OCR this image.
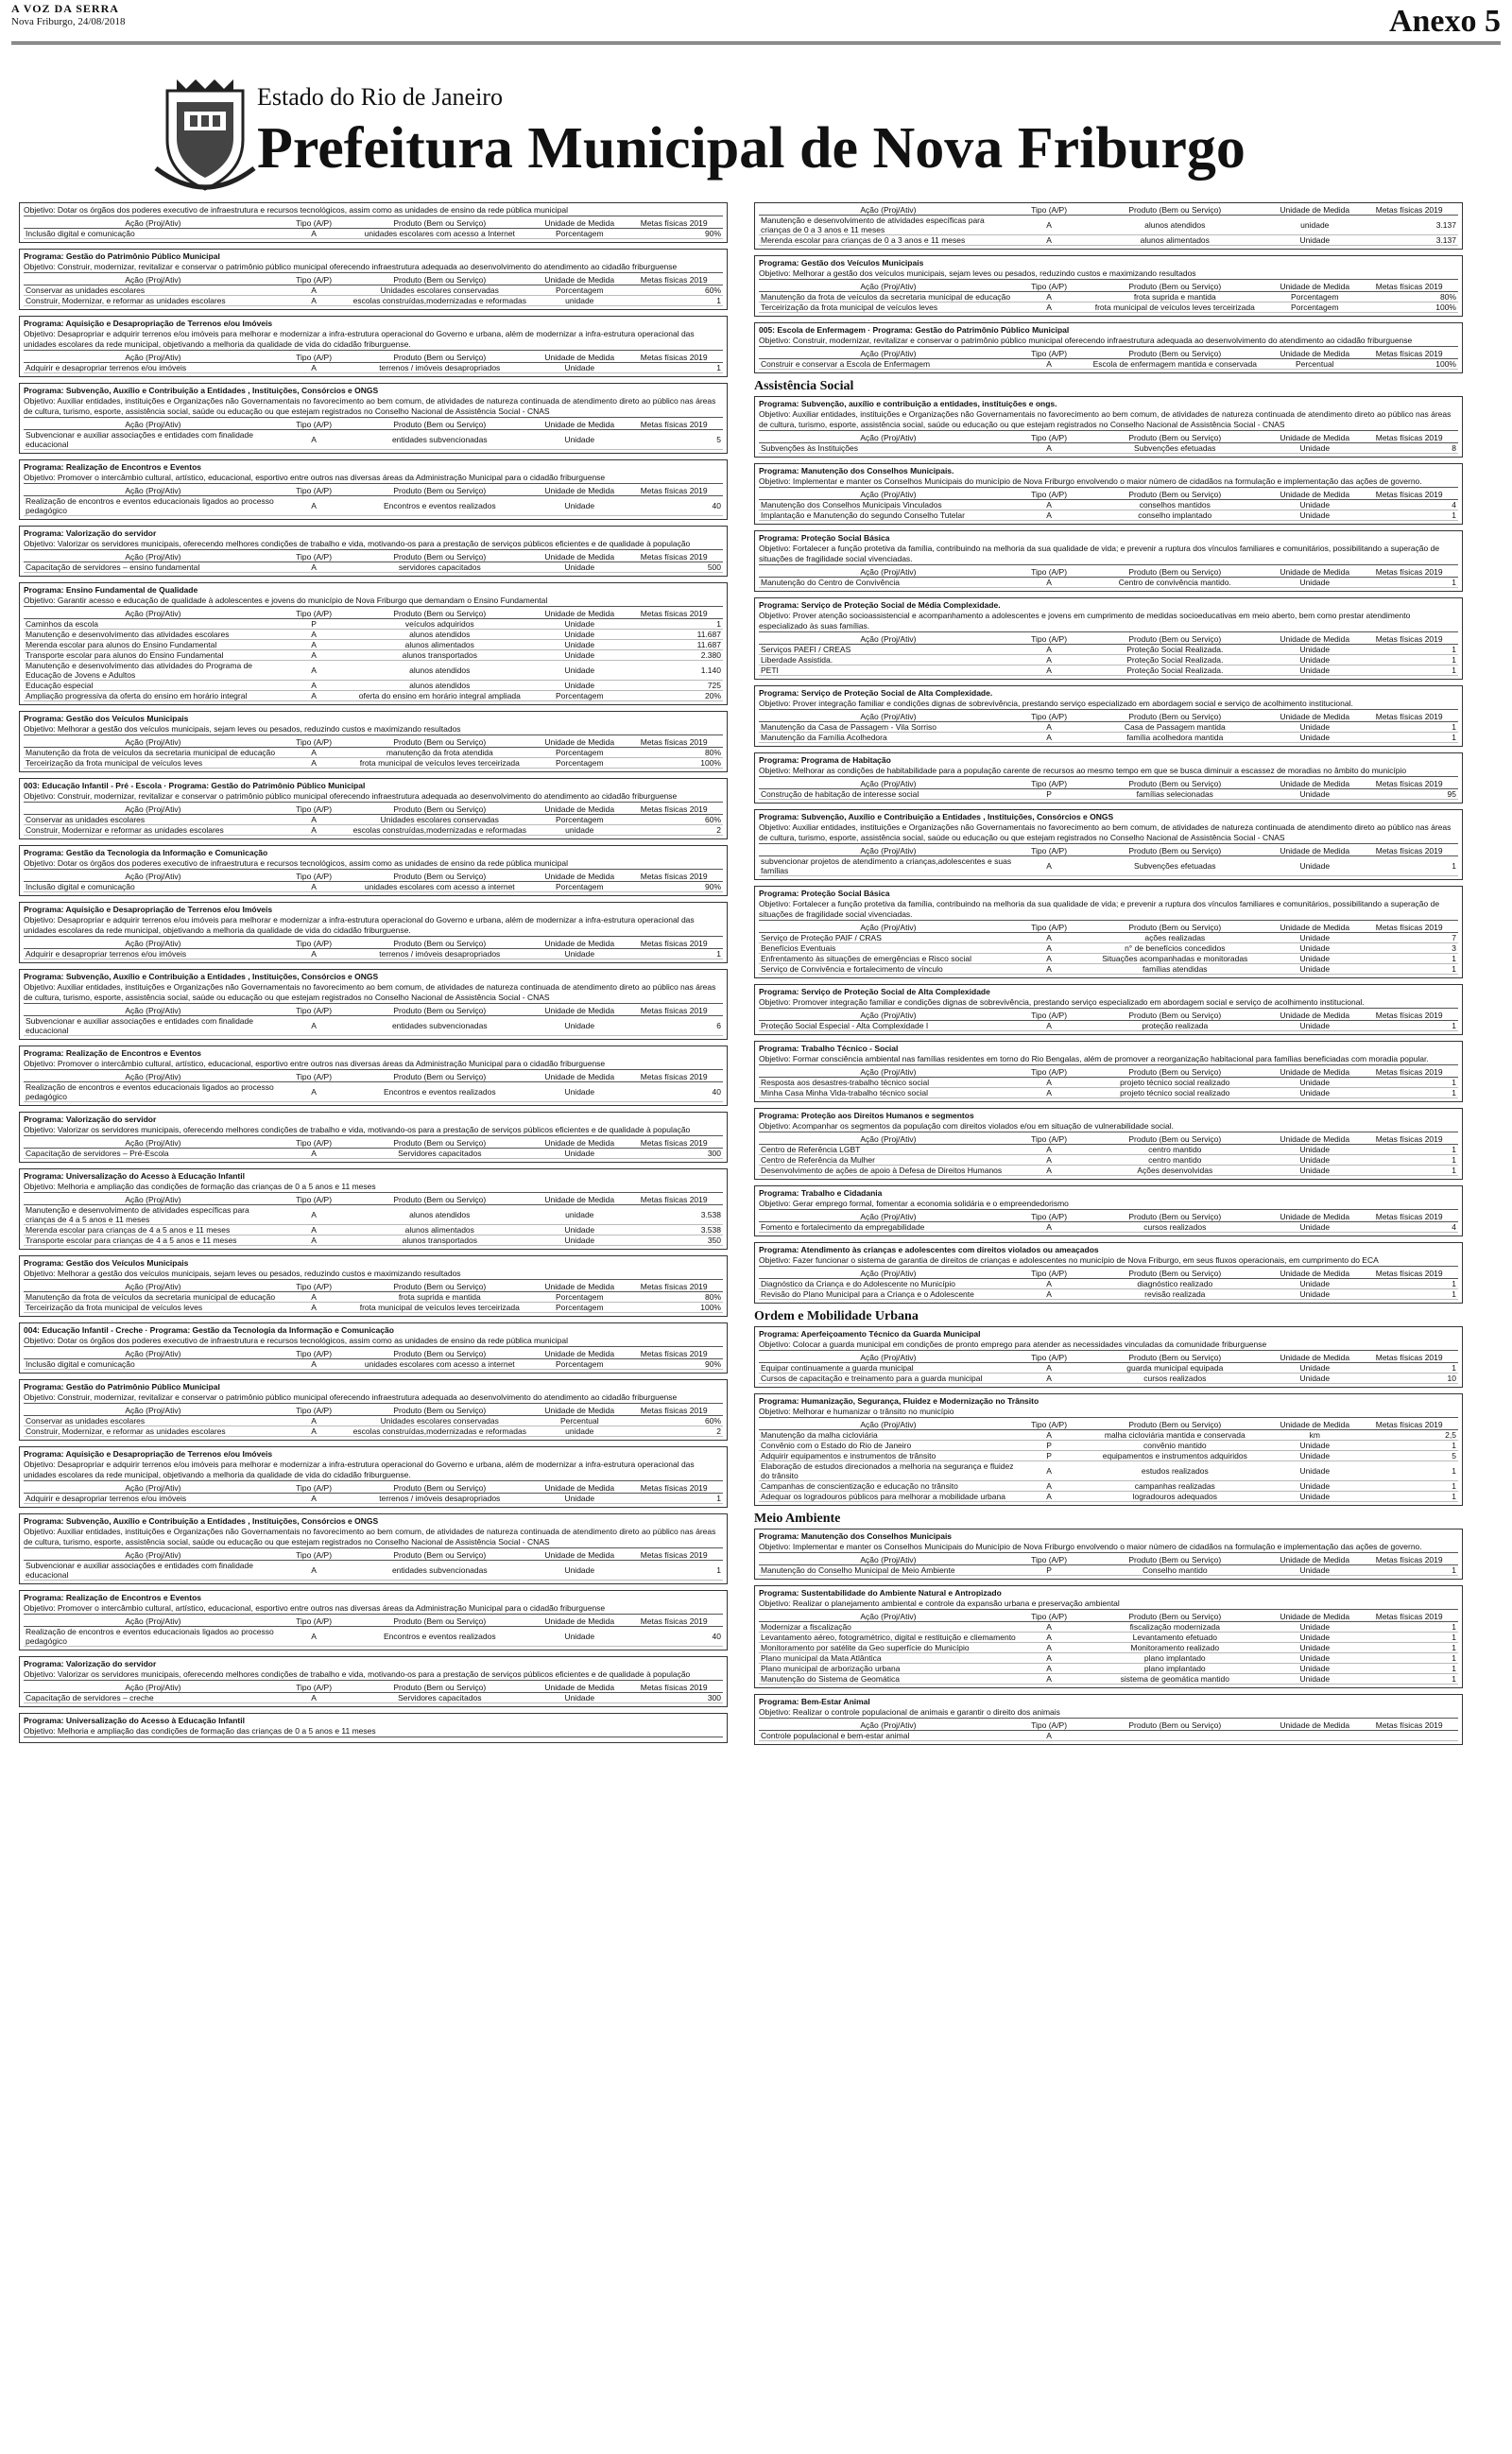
A VOZ DA SERRA
Nova Friburgo, 24/08/2018	Anexo 5
Estado do Rio de Janeiro
Prefeitura Municipal de Nova Friburgo
Objetivo: Dotar os órgãos dos poderes executivo de infraestrutura e recursos tecnológicos, assim como as unidades de ensino da rede pública municipal
Ação (Proj/Ativ)	Tipo (A/P)	Produto (Bem ou Serviço)	Unidade de Medida	Metas físicas 2019
Inclusão digital e comunicação	A	unidades escolares com acesso a Internet	Porcentagem	90%
Programa: Gestão do Patrimônio Público Municipal
Objetivo: Construir, modernizar, revitalizar e conservar o patrimônio público municipal oferecendo infraestrutura adequada ao desenvolvimento do atendimento ao cidadão friburguense
Ação (Proj/Ativ)	Tipo (A/P)	Produto (Bem ou Serviço)	Unidade de Medida	Metas físicas 2019
Conservar as unidades escolares	A	Unidades escolares conservadas	Porcentagem	60%
Construir, Modernizar, e reformar as unidades escolares	A	escolas construídas,modernizadas e reformadas	unidade	1
Programa: Aquisição e Desapropriação de Terrenos e/ou Imóveis
Objetivo: Desapropriar e adquirir terrenos e/ou imóveis para melhorar e modernizar a infra-estrutura operacional do Governo e urbana, além de modernizar a infra-estrutura operacional das unidades escolares da rede municipal, objetivando a melhoria da qualidade de vida do cidadão friburguense.
Ação (Proj/Ativ)	Tipo (A/P)	Produto (Bem ou Serviço)	Unidade de Medida	Metas físicas 2019
Adquirir e desapropriar terrenos e/ou imóveis	A	terrenos / imóveis desapropriados	Unidade	1
Programa: Subvenção, Auxílio e Contribuição a Entidades , Instituições, Consórcios e ONGS
Objetivo: Auxiliar entidades, instituições e Organizações não Governamentais no favorecimento ao bem comum, de atividades de natureza continuada de atendimento direto ao público nas áreas de cultura, turismo, esporte, assistência social, saúde ou educação ou que estejam registrados no Conselho Nacional de Assistência Social - CNAS
Ação (Proj/Ativ)	Tipo (A/P)	Produto (Bem ou Serviço)	Unidade de Medida	Metas físicas 2019
Subvencionar e auxiliar associações e entidades com finalidade educacional	A	entidades subvencionadas	Unidade	5
Programa: Realização de Encontros e Eventos
Objetivo: Promover o intercâmbio cultural, artístico, educacional, esportivo entre outros nas diversas áreas da Administração Municipal para o cidadão friburguense
Ação (Proj/Ativ)	Tipo (A/P)	Produto (Bem ou Serviço)	Unidade de Medida	Metas físicas 2019
Realização de encontros e eventos educacionais ligados ao processo pedagógico	A	Encontros e eventos realizados	Unidade	40
Programa: Valorização do servidor
Objetivo: Valorizar os servidores municipais, oferecendo melhores condições de trabalho e vida, motivando-os para a prestação de serviços públicos eficientes e de qualidade à população
Ação (Proj/Ativ)	Tipo (A/P)	Produto (Bem ou Serviço)	Unidade de Medida	Metas físicas 2019
Capacitação de servidores – ensino fundamental	A	servidores capacitados	Unidade	500
Programa: Ensino Fundamental de Qualidade
Objetivo: Garantir acesso e educação de qualidade à adolescentes e jovens do município de Nova Friburgo que demandam o Ensino Fundamental
Ação (Proj/Ativ)	Tipo (A/P)	Produto (Bem ou Serviço)	Unidade de Medida	Metas físicas 2019
Caminhos da escola	P	veículos adquiridos	Unidade	1
Manutenção e desenvolvimento das atividades escolares	A	alunos atendidos	Unidade	11.687
Merenda escolar para alunos do Ensino Fundamental	A	alunos alimentados	Unidade	11.687
Transporte escolar para alunos do Ensino Fundamental	A	alunos transportados	Unidade	2.380
Manutenção e desenvolvimento das atividades do Programa de Educação de Jovens e Adultos	A	alunos atendidos	Unidade	1.140
Educação especial	A	alunos atendidos	Unidade	725
Ampliação progressiva da oferta do ensino em horário integral	A	oferta do ensino em horário integral ampliada	Porcentagem	20%
Programa: Gestão dos Veículos Municipais
Objetivo: Melhorar a gestão dos veículos municipais, sejam leves ou pesados, reduzindo custos e maximizando resultados
Ação (Proj/Ativ)	Tipo (A/P)	Produto (Bem ou Serviço)	Unidade de Medida	Metas físicas 2019
Manutenção da frota de veículos da secretaria municipal de educação	A	manutenção da frota atendida	Porcentagem	80%
Terceirização da frota municipal de veículos leves	A	frota municipal de veículos leves terceirizada	Porcentagem	100%
003: Educação Infantil - Pré - Escola · Programa: Gestão do Patrimônio Público Municipal
Objetivo: Construir, modernizar, revitalizar e conservar o patrimônio público municipal oferecendo infraestrutura adequada ao desenvolvimento do atendimento ao cidadão friburguense
Ação (Proj/Ativ)	Tipo (A/P)	Produto (Bem ou Serviço)	Unidade de Medida	Metas físicas 2019
Conservar as unidades escolares	A	Unidades escolares conservadas	Porcentagem	60%
Construir, Modernizar e reformar as unidades escolares	A	escolas construídas,modernizadas e reformadas	unidade	2
Programa: Gestão da Tecnologia da Informação e Comunicação
Objetivo: Dotar os órgãos dos poderes executivo de infraestrutura e recursos tecnológicos, assim como as unidades de ensino da rede pública municipal
Ação (Proj/Ativ)	Tipo (A/P)	Produto (Bem ou Serviço)	Unidade de Medida	Metas físicas 2019
Inclusão digital e comunicação	A	unidades escolares com acesso a internet	Porcentagem	90%
Programa: Aquisição e Desapropriação de Terrenos e/ou Imóveis
Objetivo: Desapropriar e adquirir terrenos e/ou imóveis para melhorar e modernizar a infra-estrutura operacional do Governo e urbana, além de modernizar a infra-estrutura operacional das unidades escolares da rede municipal, objetivando a melhoria da qualidade de vida do cidadão friburguense.
Ação (Proj/Ativ)	Tipo (A/P)	Produto (Bem ou Serviço)	Unidade de Medida	Metas físicas 2019
Adquirir e desapropriar terrenos e/ou imóveis	A	terrenos / imóveis desapropriados	Unidade	1
Programa: Subvenção, Auxílio e Contribuição a Entidades , Instituições, Consórcios e ONGS
Objetivo: Auxiliar entidades, instituições e Organizações não Governamentais no favorecimento ao bem comum, de atividades de natureza continuada de atendimento direto ao público nas áreas de cultura, turismo, esporte, assistência social, saúde ou educação ou que estejam registrados no Conselho Nacional de Assistência Social - CNAS
Ação (Proj/Ativ)	Tipo (A/P)	Produto (Bem ou Serviço)	Unidade de Medida	Metas físicas 2019
Subvencionar e auxiliar associações e entidades com finalidade educacional	A	entidades subvencionadas	Unidade	6
Programa: Realização de Encontros e Eventos
Objetivo: Promover o intercâmbio cultural, artístico, educacional, esportivo entre outros nas diversas áreas da Administração Municipal para o cidadão friburguense
Ação (Proj/Ativ)	Tipo (A/P)	Produto (Bem ou Serviço)	Unidade de Medida	Metas físicas 2019
Realização de encontros e eventos educacionais ligados ao processo pedagógico	A	Encontros e eventos realizados	Unidade	40
Programa: Valorização do servidor
Objetivo: Valorizar os servidores municipais, oferecendo melhores condições de trabalho e vida, motivando-os para a prestação de serviços públicos eficientes e de qualidade à população
Ação (Proj/Ativ)	Tipo (A/P)	Produto (Bem ou Serviço)	Unidade de Medida	Metas físicas 2019
Capacitação de servidores – Pré-Escola	A	Servidores capacitados	Unidade	300
Programa: Universalização do Acesso à Educação Infantil
Objetivo: Melhoria e ampliação das condições de formação das crianças de 0 a 5 anos e 11 meses
Ação (Proj/Ativ)	Tipo (A/P)	Produto (Bem ou Serviço)	Unidade de Medida	Metas físicas 2019
Manutenção e desenvolvimento de atividades específicas para crianças de 4 a 5 anos e 11 meses	A	alunos atendidos	unidade	3.538
Merenda escolar para crianças de 4 a 5 anos e 11 meses	A	alunos alimentados	Unidade	3.538
Transporte escolar para crianças de 4 a 5 anos e 11 meses	A	alunos transportados	Unidade	350
Programa: Gestão dos Veículos Municipais
Objetivo: Melhorar a gestão dos veículos municipais, sejam leves ou pesados, reduzindo custos e maximizando resultados
Ação (Proj/Ativ)	Tipo (A/P)	Produto (Bem ou Serviço)	Unidade de Medida	Metas físicas 2019
Manutenção da frota de veículos da secretaria municipal de educação	A	frota suprida e mantida	Porcentagem	80%
Terceirização da frota municipal de veículos leves	A	frota municipal de veículos leves terceirizada	Porcentagem	100%
004: Educação Infantil - Creche · Programa: Gestão da Tecnologia da Informação e Comunicação
Objetivo: Dotar os órgãos dos poderes executivo de infraestrutura e recursos tecnológicos, assim como as unidades de ensino da rede pública municipal
Ação (Proj/Ativ)	Tipo (A/P)	Produto (Bem ou Serviço)	Unidade de Medida	Metas físicas 2019
Inclusão digital e comunicação	A	unidades escolares com acesso a internet	Porcentagem	90%
Programa: Gestão do Patrimônio Público Municipal
Objetivo: Construir, modernizar, revitalizar e conservar o patrimônio público municipal oferecendo infraestrutura adequada ao desenvolvimento do atendimento ao cidadão friburguense
Ação (Proj/Ativ)	Tipo (A/P)	Produto (Bem ou Serviço)	Unidade de Medida	Metas físicas 2019
Conservar as unidades escolares	A	Unidades escolares conservadas	Percentual	60%
Construir, Modernizar, e reformar as unidades escolares	A	escolas construídas,modernizadas e reformadas	unidade	2
Programa: Aquisição e Desapropriação de Terrenos e/ou Imóveis
Objetivo: Desapropriar e adquirir terrenos e/ou imóveis para melhorar e modernizar a infra-estrutura operacional do Governo e urbana, além de modernizar a infra-estrutura operacional das unidades escolares da rede municipal, objetivando a melhoria da qualidade de vida do cidadão friburguense.
Ação (Proj/Ativ)	Tipo (A/P)	Produto (Bem ou Serviço)	Unidade de Medida	Metas físicas 2019
Adquirir e desapropriar terrenos e/ou imóveis	A	terrenos / imóveis desapropriados	Unidade	1
Programa: Subvenção, Auxílio e Contribuição a Entidades , Instituições, Consórcios e ONGS
Objetivo: Auxiliar entidades, instituições e Organizações não Governamentais no favorecimento ao bem comum, de atividades de natureza continuada de atendimento direto ao público nas áreas de cultura, turismo, esporte, assistência social, saúde ou educação ou que estejam registrados no Conselho Nacional de Assistência Social - CNAS
Ação (Proj/Ativ)	Tipo (A/P)	Produto (Bem ou Serviço)	Unidade de Medida	Metas físicas 2019
Subvencionar e auxiliar associações e entidades com finalidade educacional	A	entidades subvencionadas	Unidade	1
Programa: Realização de Encontros e Eventos
Objetivo: Promover o intercâmbio cultural, artístico, educacional, esportivo entre outros nas diversas áreas da Administração Municipal para o cidadão friburguense
Ação (Proj/Ativ)	Tipo (A/P)	Produto (Bem ou Serviço)	Unidade de Medida	Metas físicas 2019
Realização de encontros e eventos educacionais ligados ao processo pedagógico	A	Encontros e eventos realizados	Unidade	40
Programa: Valorização do servidor
Objetivo: Valorizar os servidores municipais, oferecendo melhores condições de trabalho e vida, motivando-os para a prestação de serviços públicos eficientes e de qualidade à população
Ação (Proj/Ativ)	Tipo (A/P)	Produto (Bem ou Serviço)	Unidade de Medida	Metas físicas 2019
Capacitação de servidores – creche	A	Servidores capacitados	Unidade	300
Programa: Universalização do Acesso à Educação Infantil
Objetivo: Melhoria e ampliação das condições de formação das crianças de 0 a 5 anos e 11 meses
Ação (Proj/Ativ)	Tipo (A/P)	Produto (Bem ou Serviço)	Unidade de Medida	Metas físicas 2019
Manutenção e desenvolvimento de atividades específicas para crianças de 0 a 3 anos e 11 meses	A	alunos atendidos	unidade	3.137
Merenda escolar para crianças de 0 a 3 anos e 11 meses	A	alunos alimentados	Unidade	3.137
Programa: Gestão dos Veículos Municipais
Objetivo: Melhorar a gestão dos veículos municipais, sejam leves ou pesados, reduzindo custos e maximizando resultados
Ação (Proj/Ativ)	Tipo (A/P)	Produto (Bem ou Serviço)	Unidade de Medida	Metas físicas 2019
Manutenção da frota de veículos da secretaria municipal de educação	A	frota suprida e mantida	Porcentagem	80%
Terceirização da frota municipal de veículos leves	A	frota municipal de veículos leves terceirizada	Porcentagem	100%
005: Escola de Enfermagem · Programa: Gestão do Patrimônio Público Municipal
Objetivo: Construir, modernizar, revitalizar e conservar o patrimônio público municipal oferecendo infraestrutura adequada ao desenvolvimento do atendimento ao cidadão friburguense
Ação (Proj/Ativ)	Tipo (A/P)	Produto (Bem ou Serviço)	Unidade de Medida	Metas físicas 2019
Construir e conservar a Escola de Enfermagem	A	Escola de enfermagem mantida e conservada	Percentual	100%
Assistência Social
Programa: Subvenção, auxílio e contribuição a entidades, instituições e ongs.
Objetivo: Auxiliar entidades, instituições e Organizações não Governamentais no favorecimento ao bem comum, de atividades de natureza continuada de atendimento direto ao público nas áreas de cultura, turismo, esporte, assistência social, saúde ou educação ou que estejam registrados no Conselho Nacional de Assistência Social - CNAS
Ação (Proj/Ativ)	Tipo (A/P)	Produto (Bem ou Serviço)	Unidade de Medida	Metas físicas 2019
Subvenções às Instituições	A	Subvenções efetuadas	Unidade	8
Programa: Manutenção dos Conselhos Municipais.
Objetivo: Implementar e manter os Conselhos Municipais do município de Nova Friburgo envolvendo o maior número de cidadãos na formulação e implementação das ações de governo.
Ação (Proj/Ativ)	Tipo (A/P)	Produto (Bem ou Serviço)	Unidade de Medida	Metas físicas 2019
Manutenção dos Conselhos Municipais Vinculados	A	conselhos mantidos	Unidade	4
Implantação e Manutenção do segundo Conselho Tutelar	A	conselho implantado	Unidade	1
Programa: Proteção Social Básica
Objetivo: Fortalecer a função protetiva da família, contribuindo na melhoria da sua qualidade de vida; e prevenir a ruptura dos vínculos familiares e comunitários, possibilitando a superação de situações de fragilidade social vivenciadas.
Ação (Proj/Ativ)	Tipo (A/P)	Produto (Bem ou Serviço)	Unidade de Medida	Metas físicas 2019
Manutenção do Centro de Convivência	A	Centro de convivência mantido.	Unidade	1
Programa: Serviço de Proteção Social de Média Complexidade.
Objetivo: Prover atenção socioassistencial e acompanhamento a adolescentes e jovens em cumprimento de medidas socioeducativas em meio aberto, bem como prestar atendimento especializado às suas famílias.
Ação (Proj/Ativ)	Tipo (A/P)	Produto (Bem ou Serviço)	Unidade de Medida	Metas físicas 2019
Serviços PAEFI / CREAS	A	Proteção Social Realizada.	Unidade	1
Liberdade Assistida.	A	Proteção Social Realizada.	Unidade	1
PETI	A	Proteção Social Realizada.	Unidade	1
Programa: Serviço de Proteção Social de Alta Complexidade.
Objetivo: Prover integração familiar e condições dignas de sobrevivência, prestando serviço especializado em abordagem social e serviço de acolhimento institucional.
Ação (Proj/Ativ)	Tipo (A/P)	Produto (Bem ou Serviço)	Unidade de Medida	Metas físicas 2019
Manutenção da Casa de Passagem - Vila Sorriso	A	Casa de Passagem mantida	Unidade	1
Manutenção da Família Acolhedora	A	família acolhedora mantida	Unidade	1
Programa: Programa de Habitação
Objetivo: Melhorar as condições de habitabilidade para a população carente de recursos ao mesmo tempo em que se busca diminuir a escassez de moradias no âmbito do município
Ação (Proj/Ativ)	Tipo (A/P)	Produto (Bem ou Serviço)	Unidade de Medida	Metas físicas 2019
Construção de habitação de interesse social	P	famílias selecionadas	Unidade	95
Programa: Subvenção, Auxílio e Contribuição a Entidades , Instituições, Consórcios e ONGS
Objetivo: Auxiliar entidades, instituições e Organizações não Governamentais no favorecimento ao bem comum, de atividades de natureza continuada de atendimento direto ao público nas áreas de cultura, turismo, esporte, assistência social, saúde ou educação ou que estejam registrados no Conselho Nacional de Assistência Social - CNAS
Ação (Proj/Ativ)	Tipo (A/P)	Produto (Bem ou Serviço)	Unidade de Medida	Metas físicas 2019
subvencionar projetos de atendimento a crianças,adolescentes e suas famílias	A	Subvenções efetuadas	Unidade	1
Programa: Proteção Social Básica
Objetivo: Fortalecer a função protetiva da família, contribuindo na melhoria da sua qualidade de vida; e prevenir a ruptura dos vínculos familiares e comunitários, possibilitando a superação de situações de fragilidade social vivenciadas.
Ação (Proj/Ativ)	Tipo (A/P)	Produto (Bem ou Serviço)	Unidade de Medida	Metas físicas 2019
Serviço de Proteção PAIF / CRAS	A	ações realizadas	Unidade	7
Benefícios Eventuais	A	n° de benefícios concedidos	Unidade	3
Enfrentamento às situações de emergências e Risco social	A	Situações acompanhadas e monitoradas	Unidade	1
Serviço de Convivência e fortalecimento de vínculo	A	famílias atendidas	Unidade	1
Programa: Serviço de Proteção Social de Alta Complexidade
Objetivo: Promover integração familiar e condições dignas de sobrevivência, prestando serviço especializado em abordagem social e serviço de acolhimento institucional.
Ação (Proj/Ativ)	Tipo (A/P)	Produto (Bem ou Serviço)	Unidade de Medida	Metas físicas 2019
Proteção Social Especial - Alta Complexidade I	A	proteção realizada	Unidade	1
Programa: Trabalho Técnico - Social
Objetivo: Formar consciência ambiental nas famílias residentes em torno do Rio Bengalas, além de promover a reorganização habitacional para famílias beneficiadas com moradia popular.
Ação (Proj/Ativ)	Tipo (A/P)	Produto (Bem ou Serviço)	Unidade de Medida	Metas físicas 2019
Resposta aos desastres-trabalho técnico social	A	projeto técnico social realizado	Unidade	1
Minha Casa Minha Vida-trabalho técnico social	A	projeto técnico social realizado	Unidade	1
Programa: Proteção aos Direitos Humanos e segmentos
Objetivo: Acompanhar os segmentos da população com direitos violados e/ou em situação de vulnerabilidade social.
Ação (Proj/Ativ)	Tipo (A/P)	Produto (Bem ou Serviço)	Unidade de Medida	Metas físicas 2019
Centro de Referência LGBT	A	centro mantido	Unidade	1
Centro de Referência da Mulher	A	centro mantido	Unidade	1
Desenvolvimento de ações de apoio à Defesa de Direitos Humanos	A	Ações desenvolvidas	Unidade	1
Programa: Trabalho e Cidadania
Objetivo: Gerar emprego formal, fomentar a economia solidária e o empreendedorismo
Ação (Proj/Ativ)	Tipo (A/P)	Produto (Bem ou Serviço)	Unidade de Medida	Metas físicas 2019
Fomento e fortalecimento da empregabilidade	A	cursos realizados	Unidade	4
Programa: Atendimento às crianças e adolescentes com direitos violados ou ameaçados
Objetivo: Fazer funcionar o sistema de garantia de direitos de crianças e adolescentes no município de Nova Friburgo, em seus fluxos operacionais, em cumprimento do ECA
Ação (Proj/Ativ)	Tipo (A/P)	Produto (Bem ou Serviço)	Unidade de Medida	Metas físicas 2019
Diagnóstico da Criança e do Adolescente no Município	A	diagnóstico realizado	Unidade	1
Revisão do Plano Municipal para a Criança e o Adolescente	A	revisão realizada	Unidade	1
Ordem e Mobilidade Urbana
Programa: Aperfeiçoamento Técnico da Guarda Municipal
Objetivo: Colocar a guarda municipal em condições de pronto emprego para atender as necessidades vinculadas da comunidade friburguense
Ação (Proj/Ativ)	Tipo (A/P)	Produto (Bem ou Serviço)	Unidade de Medida	Metas físicas 2019
Equipar continuamente a guarda municipal	A	guarda municipal equipada	Unidade	1
Cursos de capacitação e treinamento para a guarda municipal	A	cursos realizados	Unidade	10
Programa: Humanização, Segurança, Fluidez e Modernização no Trânsito
Objetivo: Melhorar e humanizar o trânsito no município
Ação (Proj/Ativ)	Tipo (A/P)	Produto (Bem ou Serviço)	Unidade de Medida	Metas físicas 2019
Manutenção da malha cicloviária	A	malha cicloviária mantida e conservada	km	2,5
Convênio com o Estado do Rio de Janeiro	P	convênio mantido	Unidade	1
Adquirir equipamentos e instrumentos de trânsito	P	equipamentos e instrumentos adquiridos	Unidade	5
Elaboração de estudos direcionados a melhoria na segurança e fluidez do trânsito	A	estudos realizados	Unidade	1
Campanhas de conscientização e educação no trânsito	A	campanhas realizadas	Unidade	1
Adequar os logradouros públicos para melhorar a mobilidade urbana	A	logradouros adequados	Unidade	1
Meio Ambiente
Programa: Manutenção dos Conselhos Municipais
Objetivo: Implementar e manter os Conselhos Municipais do Município de Nova Friburgo envolvendo o maior número de cidadãos na formulação e implementação das ações de governo.
Ação (Proj/Ativ)	Tipo (A/P)	Produto (Bem ou Serviço)	Unidade de Medida	Metas físicas 2019
Manutenção do Conselho Municipal de Meio Ambiente	P	Conselho mantido	Unidade	1
Programa: Sustentabilidade do Ambiente Natural e Antropizado
Objetivo: Realizar o planejamento ambiental e controle da expansão urbana e preservação ambiental
Ação (Proj/Ativ)	Tipo (A/P)	Produto (Bem ou Serviço)	Unidade de Medida	Metas físicas 2019
Modernizar a fiscalização	A	fiscalização modernizada	Unidade	1
Levantamento aéreo, fotogramétrico, digital e restituição e cliemamento	A	Levantamento efetuado	Unidade	1
Monitoramento por satélite da Geo superfície do Município	A	Monitoramento realizado	Unidade	1
Plano municipal da Mata Atlântica	A	plano implantado	Unidade	1
Plano municipal de arborização urbana	A	plano implantado	Unidade	1
Manutenção do Sistema de Geomática	A	sistema de geomática mantido	Unidade	1
Programa: Bem-Estar Animal
Objetivo: Realizar o controle populacional de animais e garantir o direito dos animais
Ação (Proj/Ativ)	Tipo (A/P)	Produto (Bem ou Serviço)	Unidade de Medida	Metas físicas 2019
Controle populacional e bem-estar animal	A			
